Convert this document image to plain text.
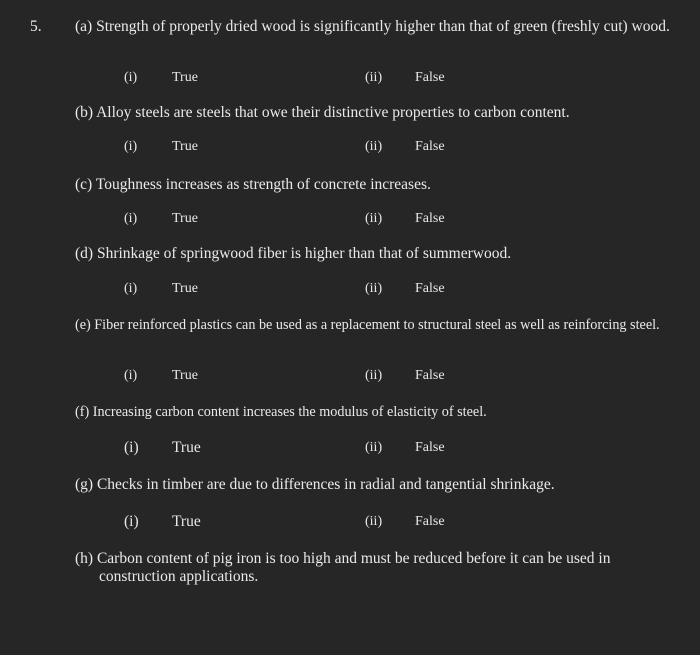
5. (a) Strength of properly dried wood is significantly higher than that of green (freshly cut) wood.
(i) True	(ii) False
(b) Alloy steels are steels that owe their distinctive properties to carbon content.
(i) True	(ii) False
(c) Toughness increases as strength of concrete increases.
(i) True	(ii) False
(d) Shrinkage of springwood fiber is higher than that of summerwood.
(i) True	(ii) False
(e) Fiber reinforced plastics can be used as a replacement to structural steel as well as reinforcing steel.
(i) True	(ii) False
(f) Increasing carbon content increases the modulus of elasticity of steel.
(i) True	(ii) False
(g) Checks in timber are due to differences in radial and tangential shrinkage.
(i) True	(ii) False
(h) Carbon content of pig iron is too high and must be reduced before it can be used in construction applications.
